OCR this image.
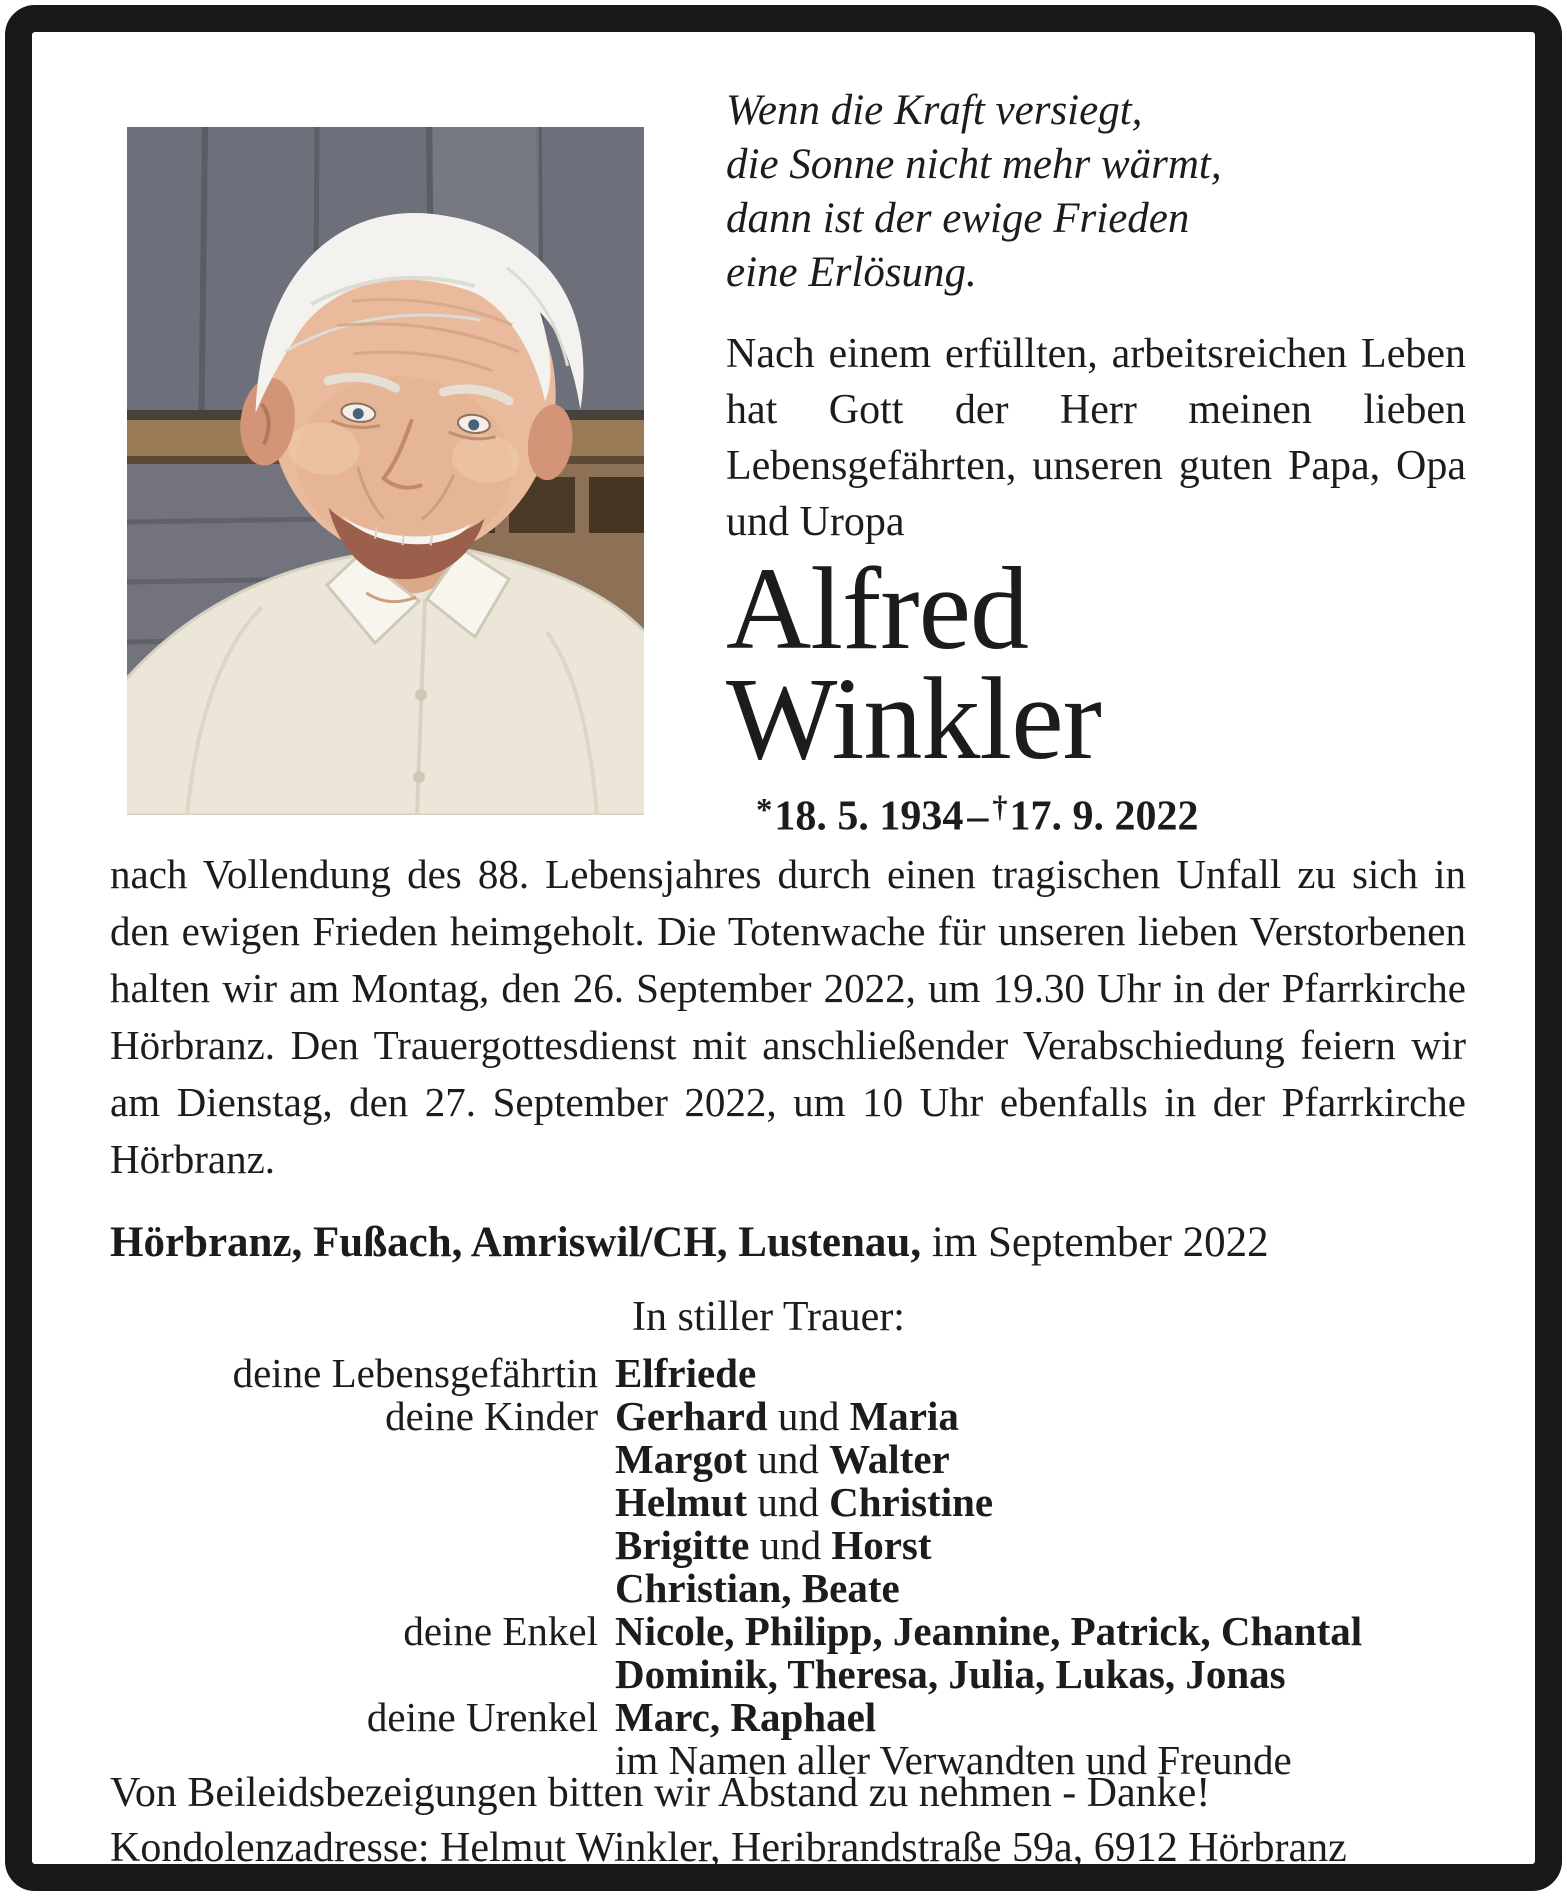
Wenn die Kraft versiegt,
die Sonne nicht mehr wärmt,
dann ist der ewige Frieden
eine Erlösung.

Nach einem erfüllten, arbeitsreichen Leben hat Gott der Herr meinen lieben Lebensgefährten, unseren guten Papa, Opa und Uropa

Alfred
Winkler
*18. 5. 1934– †17. 9. 2022

nach Vollendung des 88. Lebensjahres durch einen tragischen Unfall zu sich in den ewigen Frieden heimgeholt. Die Totenwache für unseren lieben Verstorbenen halten wir am Montag, den 26. September 2022, um 19.30 Uhr in der Pfarrkirche Hörbranz. Den Trauergottesdienst mit anschließender Verabschiedung feiern wir am Dienstag, den 27. September 2022, um 10 Uhr ebenfalls in der Pfarrkirche Hörbranz.

Hörbranz, Fußach, Amriswil/CH, Lustenau, im September 2022
In stiller Trauer:
deine Lebensgefährtin Elfriede
deine Kinder Gerhard und Maria
Margot und Walter
Helmut und Christine
Brigitte und Horst
Christian, Beate
deine Enkel Nicole, Philipp, Jeannine, Patrick, Chantal
Dominik, Theresa, Julia, Lukas, Jonas
deine Urenkel Marc, Raphael
im Namen aller Verwandten und Freunde
Von Beileidsbezeigungen bitten wir Abstand zu nehmen - Danke!
Kondolenzadresse: Helmut Winkler, Heribrandstraße 59a, 6912 Hörbranz
